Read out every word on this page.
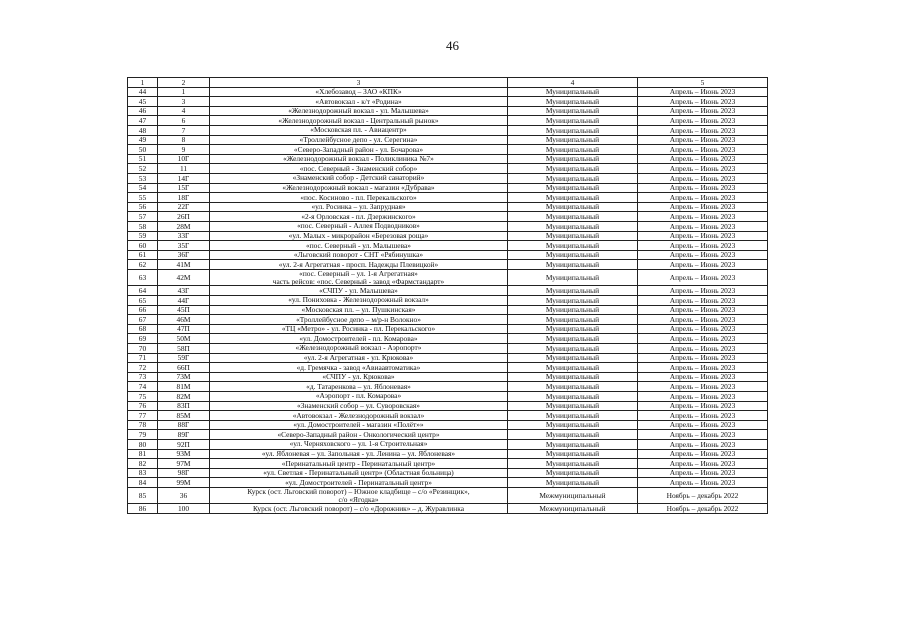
46
1	2	3	4	5
44	1	«Хлебозавод – ЗАО «КПК»	Муниципальный	Апрель – Июнь 2023
45	3	«Автовокзал - к/т «Родина»	Муниципальный	Апрель – Июнь 2023
46	4	«Железнодорожный вокзал - ул. Малышева»	Муниципальный	Апрель – Июнь 2023
47	6	«Железнодорожный вокзал - Центральный рынок»	Муниципальный	Апрель – Июнь 2023
48	7	«Московская пл. - Авиацентр»	Муниципальный	Апрель – Июнь 2023
49	8	«Троллейбусное депо - ул. Серегина»	Муниципальный	Апрель – Июнь 2023
50	9	«Северо-Западный район - ул. Бочарова»	Муниципальный	Апрель – Июнь 2023
51	10Г	«Железнодорожный вокзал - Поликлиника №7»	Муниципальный	Апрель – Июнь 2023
52	11	«пос. Северный - Знаменский собор»	Муниципальный	Апрель – Июнь 2023
53	14Г	«Знаменский собор - Детский санаторий»	Муниципальный	Апрель – Июнь 2023
54	15Г	«Железнодорожный вокзал - магазин «Дубрава»	Муниципальный	Апрель – Июнь 2023
55	18Г	«пос. Косиново - пл. Перекальского»	Муниципальный	Апрель – Июнь 2023
56	22Г	«ул. Росинка – ул. Запрудная»	Муниципальный	Апрель – Июнь 2023
57	26П	«2-я Орловская - пл. Дзержинского»	Муниципальный	Апрель – Июнь 2023
58	28М	«пос. Северный - Аллея Подводников»	Муниципальный	Апрель – Июнь 2023
59	33Г	«ул. Малых - микрорайон «Березовая роща»	Муниципальный	Апрель – Июнь 2023
60	35Г	«пос. Северный - ул. Малышева»	Муниципальный	Апрель – Июнь 2023
61	36Г	«Льговский поворот - СНТ «Рябинушка»	Муниципальный	Апрель – Июнь 2023
62	41М	«ул. 2-я Агрегатная - просп. Надежды Плевицкой»	Муниципальный	Апрель – Июнь 2023
63	42М	«пос. Северный – ул. 1-я Агрегатная»
часть рейсов: «пос. Северный - завод «Фармстандарт»	Муниципальный	Апрель – Июнь 2023
64	43Г	«СЧПУ - ул. Малышева»	Муниципальный	Апрель – Июнь 2023
65	44Г	«ул. Пониховка - Железнодорожный вокзал»	Муниципальный	Апрель – Июнь 2023
66	45П	«Московская пл. – ул. Пушкинская»	Муниципальный	Апрель – Июнь 2023
67	46М	«Троллейбусное депо – м/р-н Волокно»	Муниципальный	Апрель – Июнь 2023
68	47П	«ТЦ «Метро» - ул. Росинка - пл. Перекальского»	Муниципальный	Апрель – Июнь 2023
69	50М	«ул. Домостроителей - пл. Комарова»	Муниципальный	Апрель – Июнь 2023
70	58П	«Железнодорожный вокзал - Аэропорт»	Муниципальный	Апрель – Июнь 2023
71	59Г	«ул. 2-я Агрегатная - ул. Крюкова»	Муниципальный	Апрель – Июнь 2023
72	66П	«д. Гремячка - завод «Авиаавтоматика»	Муниципальный	Апрель – Июнь 2023
73	73М	«СЧПУ - ул. Крюкова»	Муниципальный	Апрель – Июнь 2023
74	81М	«д. Татаренкова – ул. Яблоневая»	Муниципальный	Апрель – Июнь 2023
75	82М	«Аэропорт - пл. Комарова»	Муниципальный	Апрель – Июнь 2023
76	83П	«Знаменский собор – ул. Суворовская»	Муниципальный	Апрель – Июнь 2023
77	85М	«Автовокзал - Железнодорожный вокзал»	Муниципальный	Апрель – Июнь 2023
78	88Г	«ул. Домостроителей - магазин «Полёт»»	Муниципальный	Апрель – Июнь 2023
79	89Г	«Северо-Западный район - Онкологический центр»	Муниципальный	Апрель – Июнь 2023
80	92П	«ул. Черняховского – ул. 1-я Строительная»	Муниципальный	Апрель – Июнь 2023
81	93М	«ул. Яблоневая – ул. Запольная - ул. Ленина – ул. Яблоневая»	Муниципальный	Апрель – Июнь 2023
82	97М	«Перинатальный центр - Перинатальный центр»	Муниципальный	Апрель – Июнь 2023
83	98Г	«ул. Светлая - Перинатальный центр» (Областная больница)	Муниципальный	Апрель – Июнь 2023
84	99М	«ул. Домостроителей - Перинатальный центр»	Муниципальный	Апрель – Июнь 2023
85	36	Курск (ост. Льговский поворот) – Южное кладбище – с/о «Резинщик»,
с/о «Ягодка»	Межмуниципальный	Ноябрь – декабрь 2022
86	100	Курск (ост. Льговский поворот) – с/о «Дорожник» – д. Журавлинка	Межмуниципальный	Ноябрь – декабрь 2022
